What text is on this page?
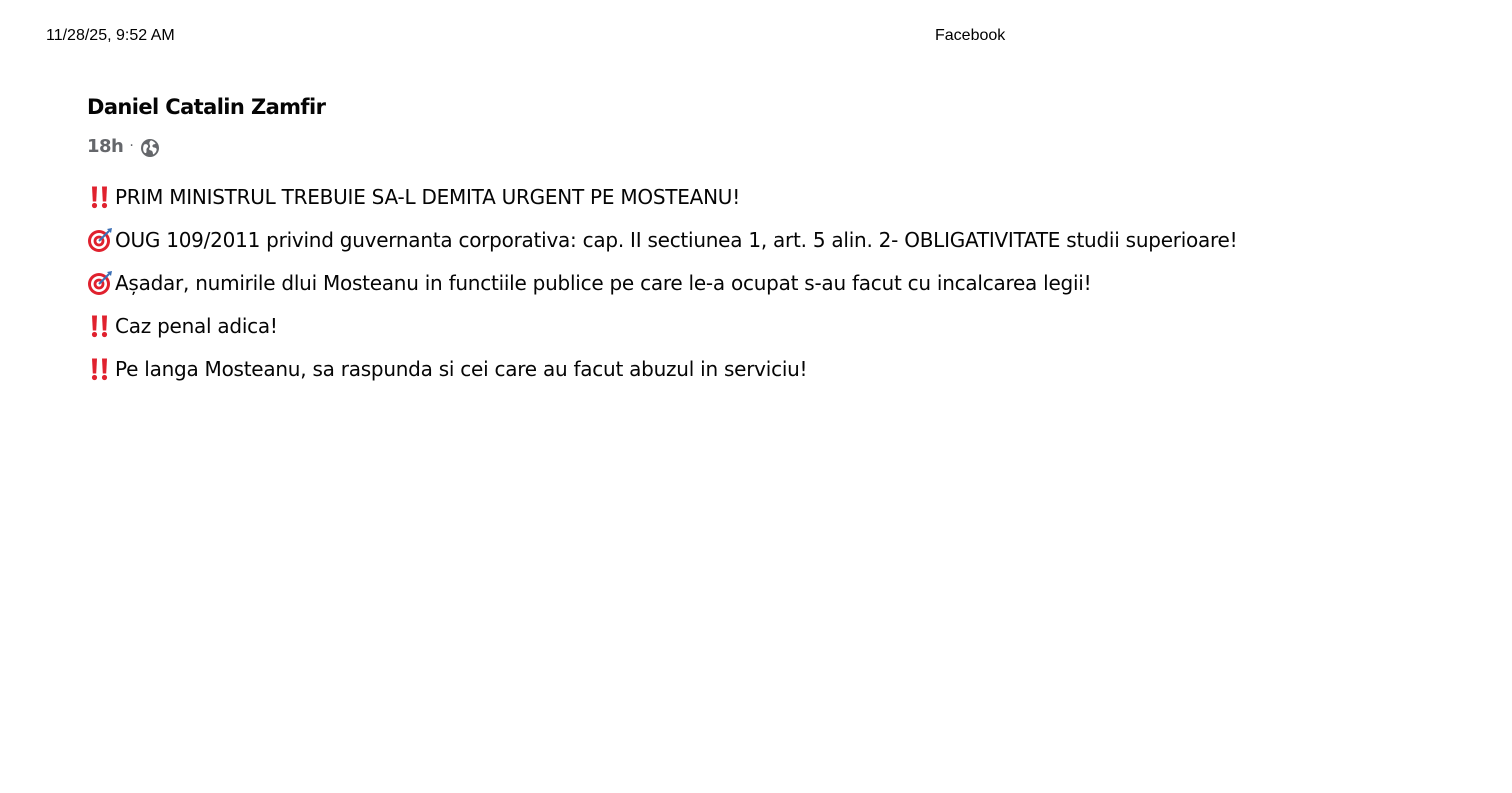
11/28/25, 9:52 AM	Facebook
Daniel Catalin Zamfir
18h ·
PRIM MINISTRUL TREBUIE SA-L DEMITA URGENT PE MOSTEANU!
OUG 109/2011 privind guvernanta corporativa: cap. II sectiunea 1, art. 5 alin. 2- OBLIGATIVITATE studii superioare!
Așadar, numirile dlui Mosteanu in functiile publice pe care le-a ocupat s-au facut cu incalcarea legii!
Caz penal adica!
Pe langa Mosteanu, sa raspunda si cei care au facut abuzul in serviciu!
